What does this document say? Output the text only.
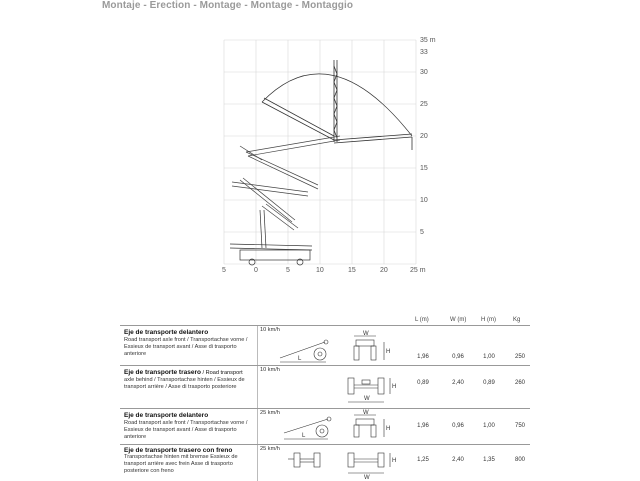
Montaje - Erection - Montage - Montage - Montaggio
35 m
33
30
25
20
15
10
5
5	0	5	10	15	20	25 m
L (m)	W (m) H (m)	Kg
Eje de transporte delantero
Road transport axle front / Transportachse vorne / Essieux de transport avant / Asse di trasporto anteriore
10 km/h
L
W
H
1,96	0,96	1,00	250
Eje de transporte trasero / Road transport
axle behind / Transportachse hinten / Essieux de transport arrière / Asse di trasporto posteriore
10 km/h
W
H
0,89	2,40	0,89	260
Eje de transporte delantero
Road transport axle front / Transportachse vorne / Essieux de transport avant / Asse di trasporto anteriore
25 km/h
L
W
H	1,96	0,96	1,00	750
Eje de transporte trasero con freno
Transportachse hinten mit bremse Essieux de transport arrière avec frein Asse di trasporto posteriore con freno
25 km/h
W
H	1,25	2,40	1,35	800
